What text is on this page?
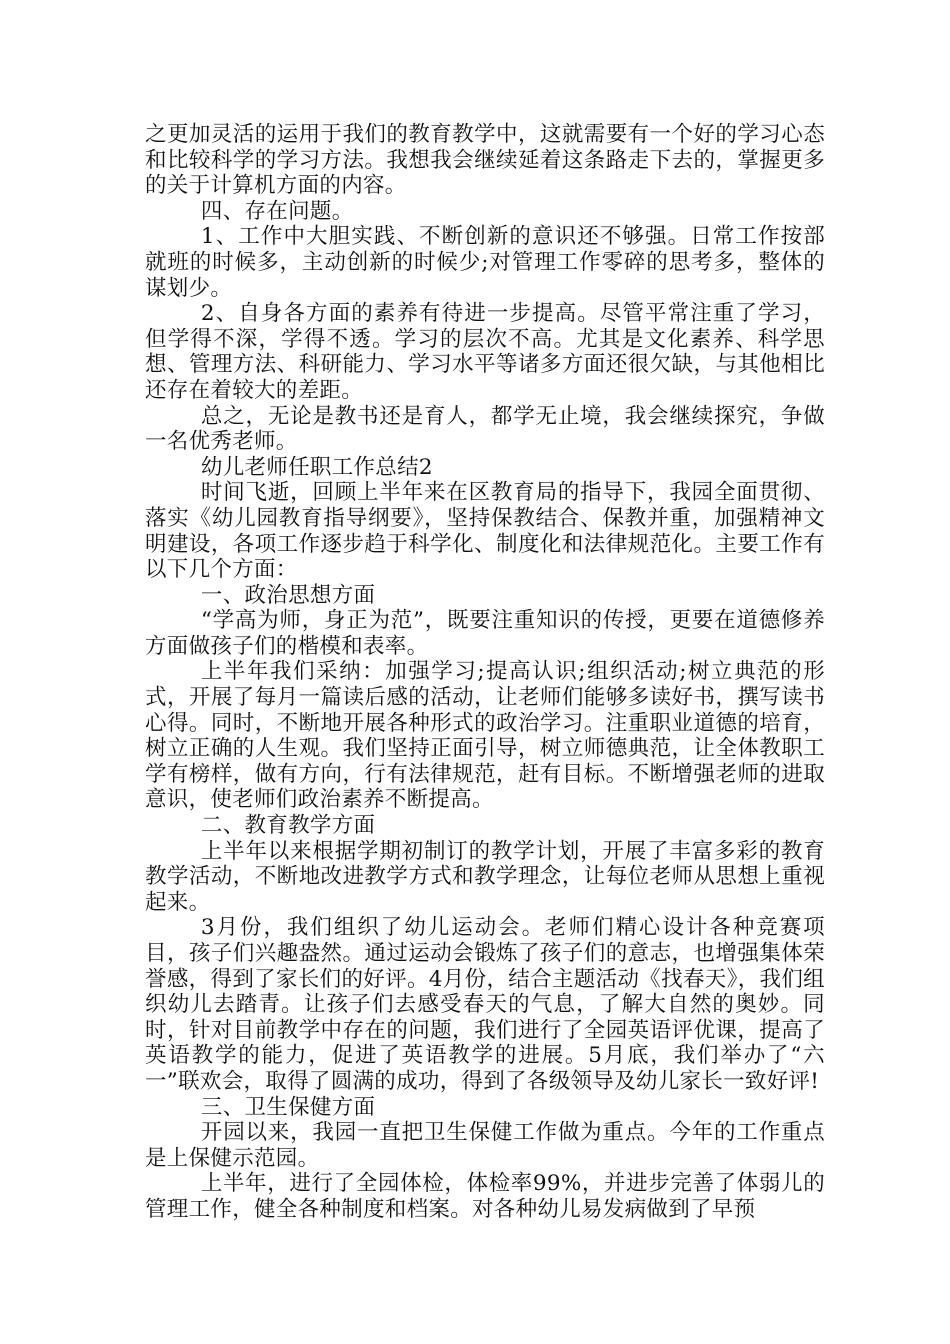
之更加灵活的运用于我们的教育教学中，这就需要有一个好的学习心态和比较科学的学习方法。我想我会继续延着这条路走下去的，掌握更多的关于计算机方面的内容。

四、存在问题。

1、工作中大胆实践、不断创新的意识还不够强。日常工作按部就班的时候多，主动创新的时候少;对管理工作零碎的思考多，整体的谋划少。

2、自身各方面的素养有待进一步提高。尽管平常注重了学习，但学得不深，学得不透。学习的层次不高。尤其是文化素养、科学思想、管理方法、科研能力、学习水平等诸多方面还很欠缺，与其他相比还存在着较大的差距。

总之，无论是教书还是育人，都学无止境，我会继续探究，争做一名优秀老师。

幼儿老师任职工作总结2

时间飞逝，回顾上半年来在区教育局的指导下，我园全面贯彻、落实《幼儿园教育指导纲要》，坚持保教结合、保教并重，加强精神文明建设，各项工作逐步趋于科学化、制度化和法律规范化。主要工作有以下几个方面：

一、政治思想方面

“学高为师，身正为范”，既要注重知识的传授，更要在道德修养方面做孩子们的楷模和表率。

上半年我们采纳：加强学习;提高认识;组织活动;树立典范的形式，开展了每月一篇读后感的活动，让老师们能够多读好书，撰写读书心得。同时，不断地开展各种形式的政治学习。注重职业道德的培育，树立正确的人生观。我们坚持正面引导，树立师德典范，让全体教职工学有榜样，做有方向，行有法律规范，赶有目标。不断增强老师的进取意识，使老师们政治素养不断提高。

二、教育教学方面

上半年以来根据学期初制订的教学计划，开展了丰富多彩的教育教学活动，不断地改进教学方式和教学理念，让每位老师从思想上重视起来。

3月份，我们组织了幼儿运动会。老师们精心设计各种竞赛项目，孩子们兴趣盎然。通过运动会锻炼了孩子们的意志，也增强集体荣誉感，得到了家长们的好评。4月份，结合主题活动《找春天》，我们组织幼儿去踏青。让孩子们去感受春天的气息，了解大自然的奥妙。同时，针对目前教学中存在的问题，我们进行了全园英语评优课，提高了英语教学的能力，促进了英语教学的进展。5月底，我们举办了“六一”联欢会，取得了圆满的成功，得到了各级领导及幼儿家长一致好评!

三、卫生保健方面

开园以来，我园一直把卫生保健工作做为重点。今年的工作重点是上保健示范园。

上半年，进行了全园体检，体检率99%，并进步完善了体弱儿的管理工作，健全各种制度和档案。对各种幼儿易发病做到了早预
